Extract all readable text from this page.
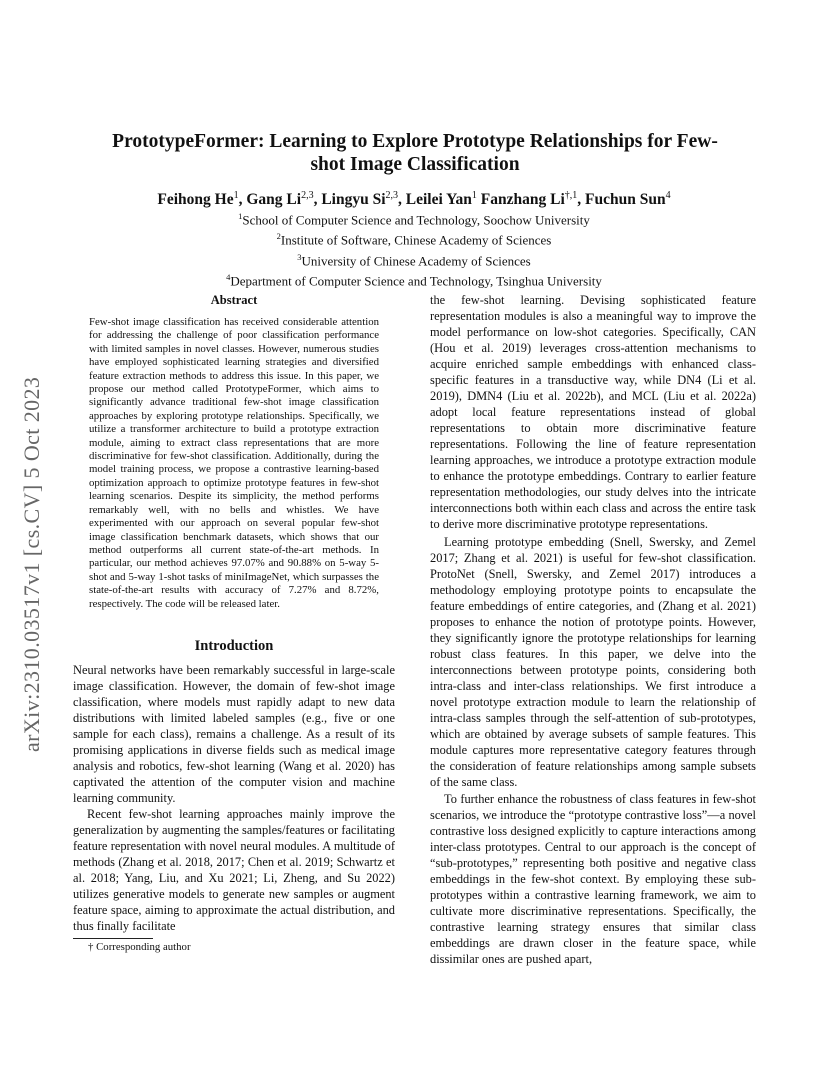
arXiv:2310.03517v1 [cs.CV] 5 Oct 2023
PrototypeFormer: Learning to Explore Prototype Relationships for Few-shot Image Classification
Feihong He$^1$, Gang Li$^{2,3}$, Lingyu Si$^{2,3}$, Leilei Yan$^1$ Fanzhang $Li^{\dagger,1}$, Fuchun Sun$^4$
$^1$School of Computer Science and Technology, Soochow University
$^2$Institute of Software, Chinese Academy of Sciences
$^3$University of Chinese Academy of Sciences
$^4$Department of Computer Science and Technology, Tsinghua University
Abstract

Few-shot image classification has received considerable attention for addressing the challenge of poor classification performance with limited samples in novel classes. However, numerous studies have employed sophisticated learning strategies and diversified feature extraction methods to address this issue. In this paper, we propose our method called PrototypeFormer, which aims to significantly advance traditional few-shot image classification approaches by exploring prototype relationships. Specifically, we utilize a transformer architecture to build a prototype extraction module, aiming to extract class representations that are more discriminative for few-shot classification. Additionally, during the model training process, we propose a contrastive learning-based optimization approach to optimize prototype features in few-shot learning scenarios. Despite its simplicity, the method performs remarkably well, with no bells and whistles. We have experimented with our approach on several popular few-shot image classification benchmark datasets, which shows that our method outperforms all current state-of-the-art methods. In particular, our method achieves 97.07% and 90.88% on 5-way 5-shot and 5-way 1-shot tasks of miniImageNet, which surpasses the state-of-the-art results with accuracy of 7.27% and 8.72%, respectively. The code will be released later.

Introduction

Neural networks have been remarkably successful in large-scale image classification. However, the domain of few-shot image classification, where models must rapidly adapt to new data distributions with limited labeled samples (e.g., five or one sample for each class), remains a challenge. As a result of its promising applications in diverse fields such as medical image analysis and robotics, few-shot learning (Wang et al. 2020) has captivated the attention of the computer vision and machine learning community.

Recent few-shot learning approaches mainly improve the generalization by augmenting the samples/features or facilitating feature representation with novel neural modules. A multitude of methods (Zhang et al. 2018, 2017; Chen et al. 2019; Schwartz et al. 2018; Yang, Liu, and Xu 2021; Li, Zheng, and Su 2022) utilizes generative models to generate new samples or augment feature space, aiming to approximate the actual distribution, and thus finally facilitate

the few-shot learning. Devising sophisticated feature representation modules is also a meaningful way to improve the model performance on low-shot categories. Specifically, CAN (Hou et al. 2019) leverages cross-attention mechanisms to acquire enriched sample embeddings with enhanced class-specific features in a transductive way, while DN4 (Li et al. 2019), DMN4 (Liu et al. 2022b), and MCL (Liu et al. 2022a) adopt local feature representations instead of global representations to obtain more discriminative feature representations. Following the line of feature representation learning approaches, we introduce a prototype extraction module to enhance the prototype embeddings. Contrary to earlier feature representation methodologies, our study delves into the intricate interconnections both within each class and across the entire task to derive more discriminative prototype representations.

Learning prototype embedding (Snell, Swersky, and Zemel 2017; Zhang et al. 2021) is useful for few-shot classification. ProtoNet (Snell, Swersky, and Zemel 2017) introduces a methodology employing prototype points to encapsulate the feature embeddings of entire categories, and (Zhang et al. 2021) proposes to enhance the notion of prototype points. However, they significantly ignore the prototype relationships for learning robust class features. In this paper, we delve into the interconnections between prototype points, considering both intra-class and inter-class relationships. We first introduce a novel prototype extraction module to learn the relationship of intra-class samples through the self-attention of sub-prototypes, which are obtained by average subsets of sample features. This module captures more representative category features through the consideration of feature relationships among sample subsets of the same class.

To further enhance the robustness of class features in few-shot scenarios, we introduce the “prototype contrastive loss”—a novel contrastive loss designed explicitly to capture interactions among inter-class prototypes. Central to our approach is the concept of “sub-prototypes,” representing both positive and negative class embeddings in the few-shot context. By employing these sub-prototypes within a contrastive learning framework, we aim to cultivate more discriminative representations. Specifically, the contrastive learning strategy ensures that similar class embeddings are drawn closer in the feature space, while dissimilar ones are pushed apart,

† Corresponding author
